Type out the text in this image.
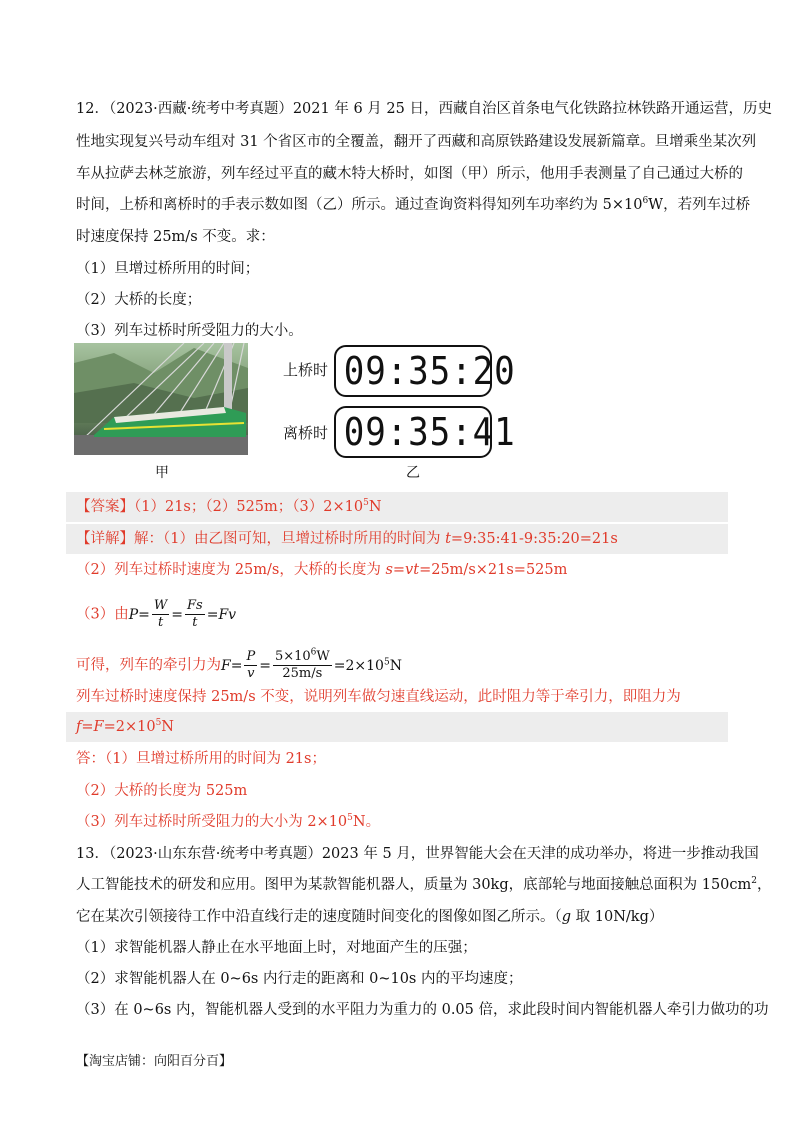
12．（2023·西藏·统考中考真题）2021 年 6 月 25 日，西藏自治区首条电气化铁路拉林铁路开通运营，历史
性地实现复兴号动车组对 31 个省区市的全覆盖，翻开了西藏和高原铁路建设发展新篇章。旦增乘坐某次列
车从拉萨去林芝旅游，列车经过平直的藏木特大桥时，如图（甲）所示，他用手表测量了自己通过大桥的
时间，上桥和离桥时的手表示数如图（乙）所示。通过查询资料得知列车功率约为 $5\times 10^6W$，若列车过桥
时速度保持 25m/s 不变。求：
（1）旦增过桥所用的时间；
（2）大桥的长度；
（3）列车过桥时所受阻力的大小。
甲
上桥时 09:35:20
离桥时 09:35:41
乙
【答案】（1）21s；（2）525m；$(3)2\times 10^5N$
【详解】解：（1）由乙图可知，旦增过桥时所用的时间为 t=9:35:41-9:35:20=21s
（2）列车过桥时速度为 25m/s，大桥的长度为 s=vt=25m/s×21s=525m
（3）由$P= \frac{W}{t} = \frac{Fs}{t} =Fv$
可得，列车的牵引力为$F= \frac{P}{v} = \frac{5\times 10^6W}{25m/s} =2\times 10^5N$
列车过桥时速度保持 25m/s 不变，说明列车做匀速直线运动，此时阻力等于牵引力，即阻力为
$f=F=2\times 10^5N$
答：（1）旦增过桥所用的时间为 21s；
（2）大桥的长度为 525m
（3）列车过桥时所受阻力的大小为 $2\times 10^5N$。
13．（2023·山东东营·统考中考真题）2023 年 5 月，世界智能大会在天津的成功举办，将进一步推动我国
人工智能技术的研发和应用。图甲为某款智能机器人，质量为 30kg，底部轮与地面接触总面积为 $150cm^2$，
它在某次引领接待工作中沿直线行走的速度随时间变化的图像如图乙所示。（g 取 10N/kg）
（1）求智能机器人静止在水平地面上时，对地面产生的压强；
（2）求智能机器人在 0~6s 内行走的距离和 0~10s 内的平均速度；
（3）在 0~6s 内，智能机器人受到的水平阻力为重力的 0.05 倍，求此段时间内智能机器人牵引力做功的功
【淘宝店铺：向阳百分百】
